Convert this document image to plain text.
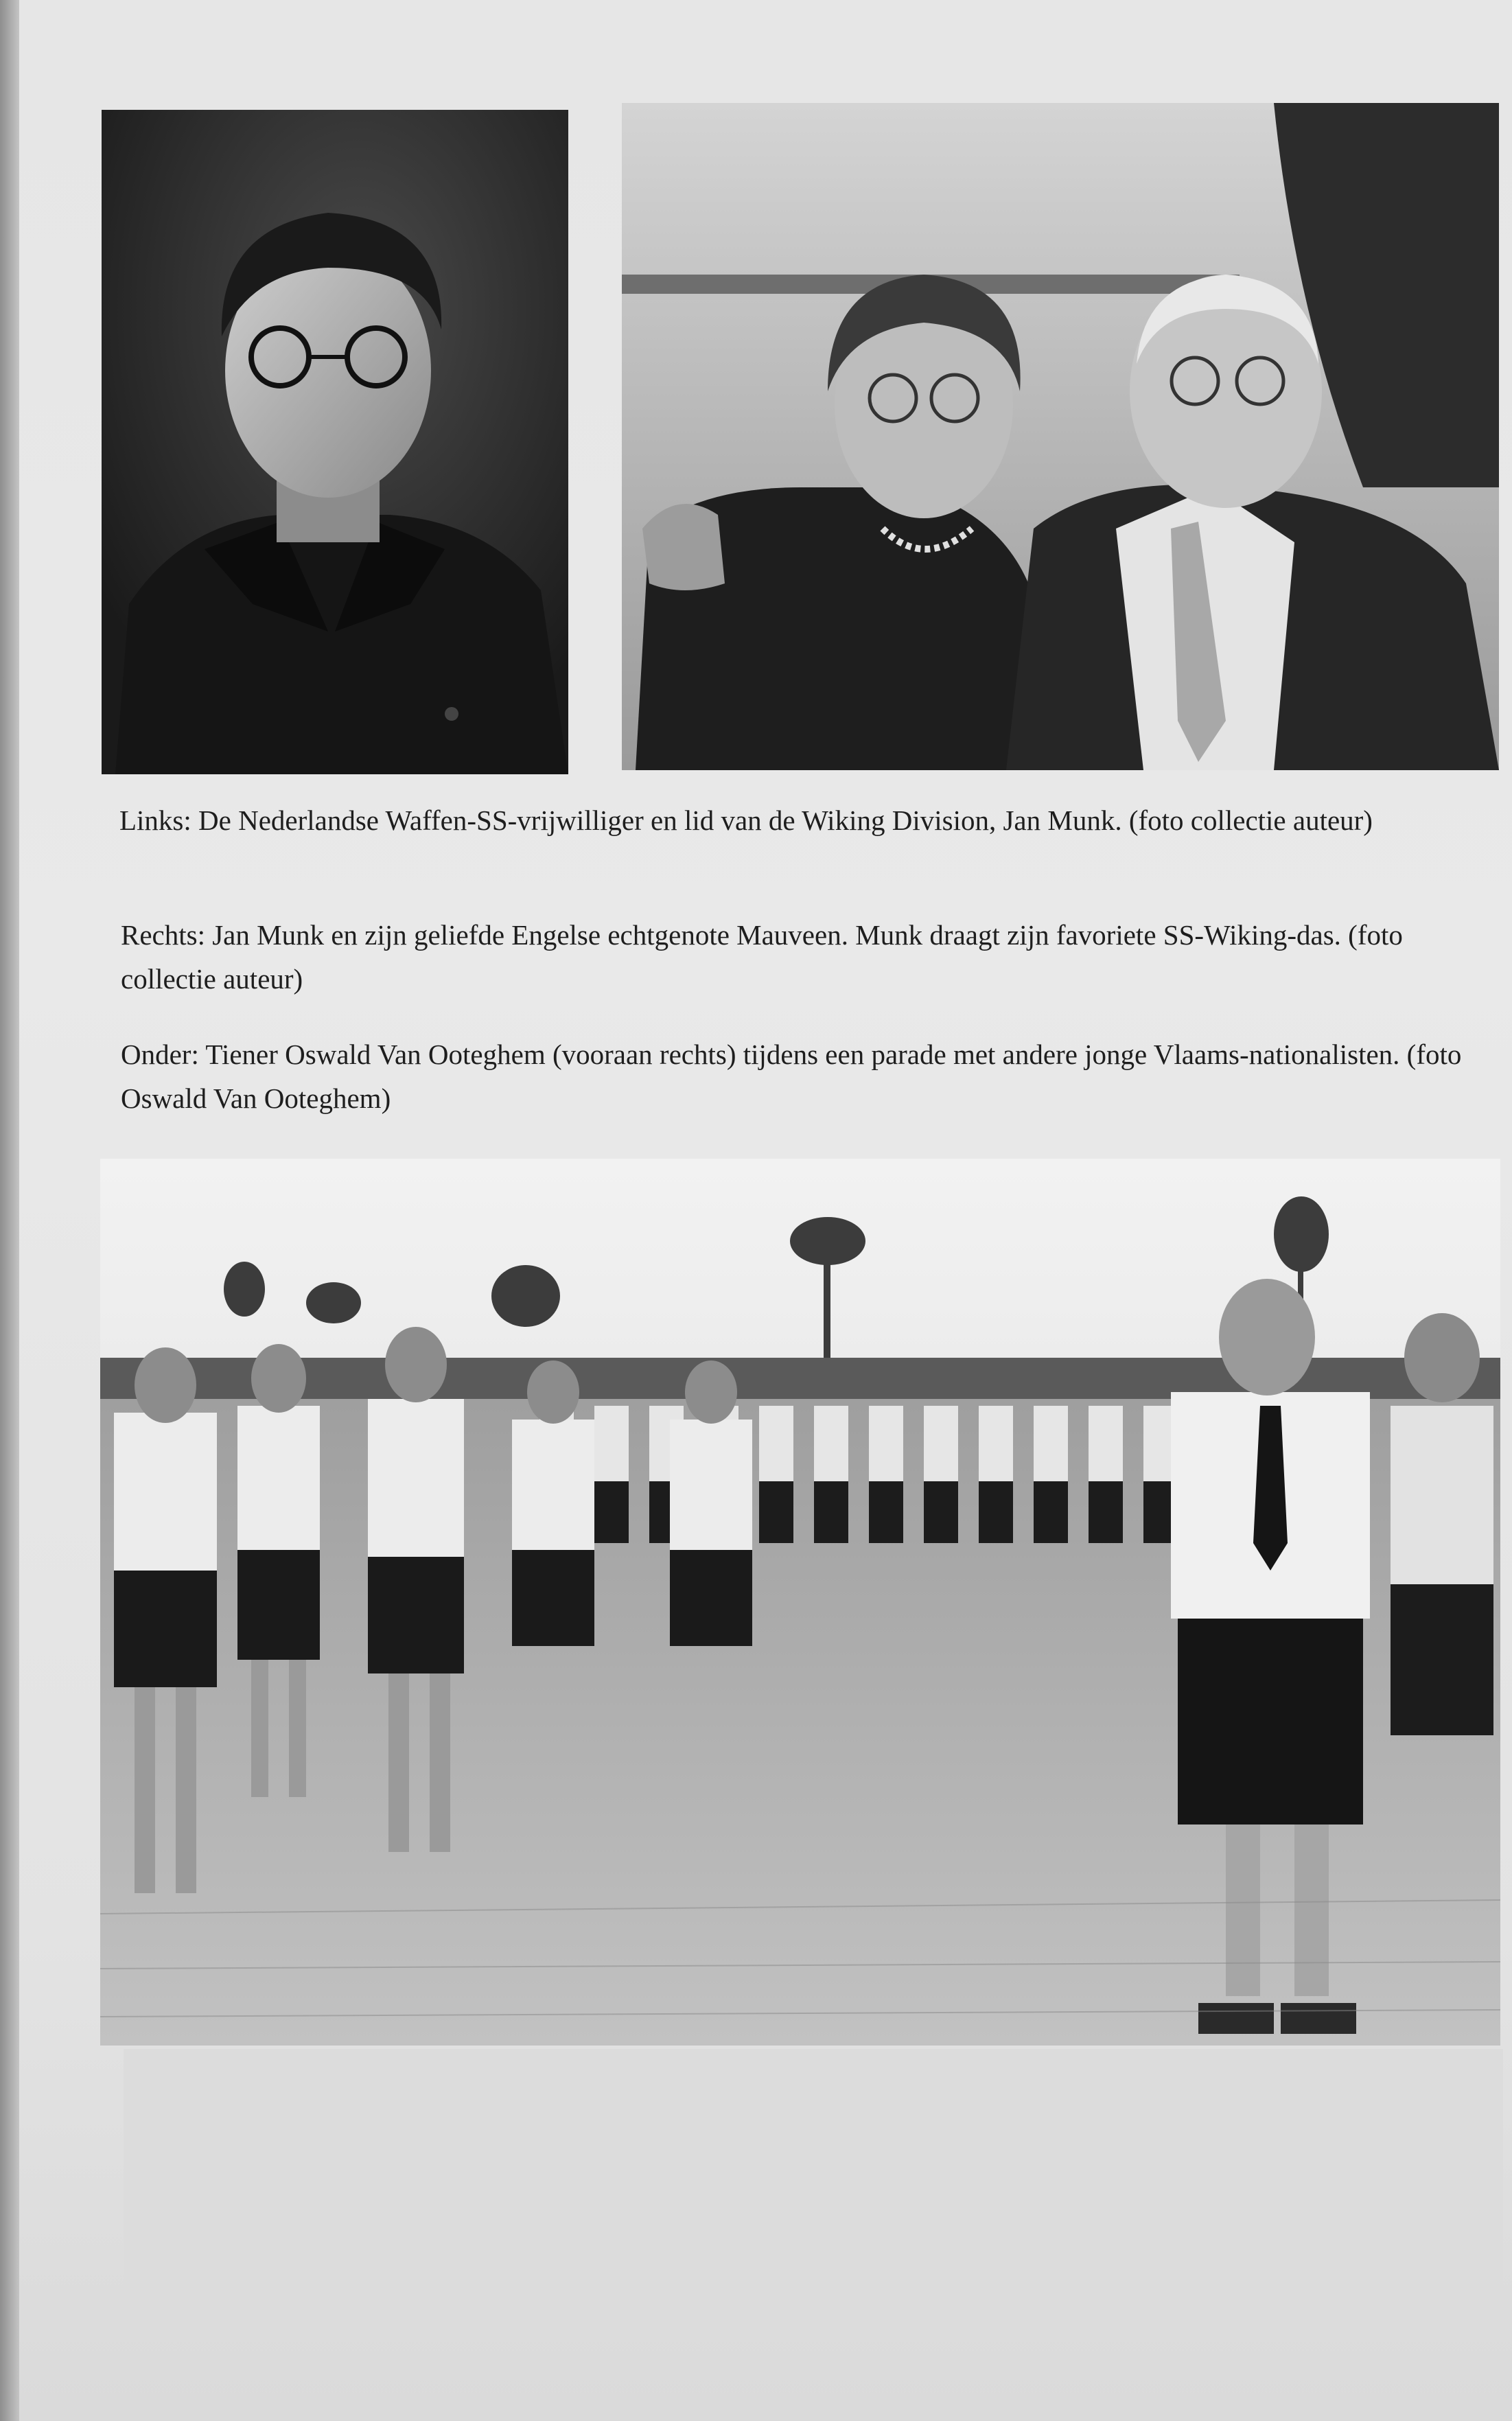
Links: De Nederlandse Waffen-SS-vrijwilliger en lid van de Wiking Division, Jan Munk. (foto collectie auteur)

Rechts: Jan Munk en zijn geliefde Engelse echtgenote Mauveen. Munk draagt zijn favoriete SS-Wiking-das. (foto collectie auteur)

Onder: Tiener Oswald Van Ooteghem (vooraan rechts) tijdens een parade met andere jonge Vlaams-nationalisten. (foto Oswald Van Ooteghem)
